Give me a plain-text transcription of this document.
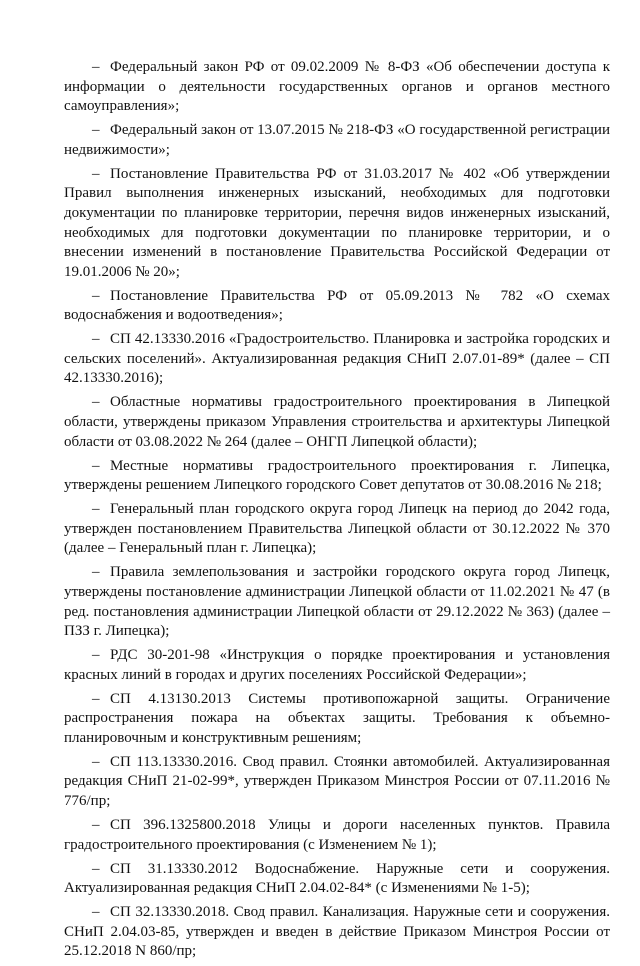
– Федеральный закон РФ от 09.02.2009 № 8-ФЗ «Об обеспечении доступа к информации о деятельности государственных органов и органов местного самоуправления»;

– Федеральный закон от 13.07.2015 № 218-ФЗ «О государственной регистрации недвижимости»;

– Постановление Правительства РФ от 31.03.2017 № 402 «Об утверждении Правил выполнения инженерных изысканий, необходимых для подготовки документации по планировке территории, перечня видов инженерных изысканий, необходимых для подготовки документации по планировке территории, и о внесении изменений в постановление Правительства Российской Федерации от 19.01.2006 № 20»;

– Постановление Правительства РФ от 05.09.2013 № 782 «О схемах водоснабжения и водоотведения»;

– СП 42.13330.2016 «Градостроительство. Планировка и застройка городских и сельских поселений». Актуализированная редакция СНиП 2.07.01-89* (далее – СП 42.13330.2016);

– Областные нормативы градостроительного проектирования в Липецкой области, утверждены приказом Управления строительства и архитектуры Липецкой области от 03.08.2022 № 264 (далее – ОНГП Липецкой области);

– Местные нормативы градостроительного проектирования г. Липецка, утверждены решением Липецкого городского Совет депутатов от 30.08.2016 № 218;

– Генеральный план городского округа город Липецк на период до 2042 года, утвержден постановлением Правительства Липецкой области от 30.12.2022 № 370 (далее – Генеральный план г. Липецка);

– Правила землепользования и застройки городского округа город Липецк, утверждены постановление администрации Липецкой области от 11.02.2021 № 47 (в ред. постановления администрации Липецкой области от 29.12.2022 № 363) (далее – ПЗЗ г. Липецка);

– РДС 30-201-98 «Инструкция о порядке проектирования и установления красных линий в городах и других поселениях Российской Федерации»;

– СП 4.13130.2013 Системы противопожарной защиты. Ограничение распространения пожара на объектах защиты. Требования к объемно-планировочным и конструктивным решениям;

– СП 113.13330.2016. Свод правил. Стоянки автомобилей. Актуализированная редакция СНиП 21-02-99*, утвержден Приказом Минстроя России от 07.11.2016 № 776/пр;

– СП 396.1325800.2018 Улицы и дороги населенных пунктов. Правила градостроительного проектирования (с Изменением № 1);

– СП 31.13330.2012 Водоснабжение. Наружные сети и сооружения. Актуализированная редакция СНиП 2.04.02-84* (с Изменениями № 1-5);

– СП 32.13330.2018. Свод правил. Канализация. Наружные сети и сооружения. СНиП 2.04.03-85, утвержден и введен в действие Приказом Минстроя России от 25.12.2018 N 860/пр;
